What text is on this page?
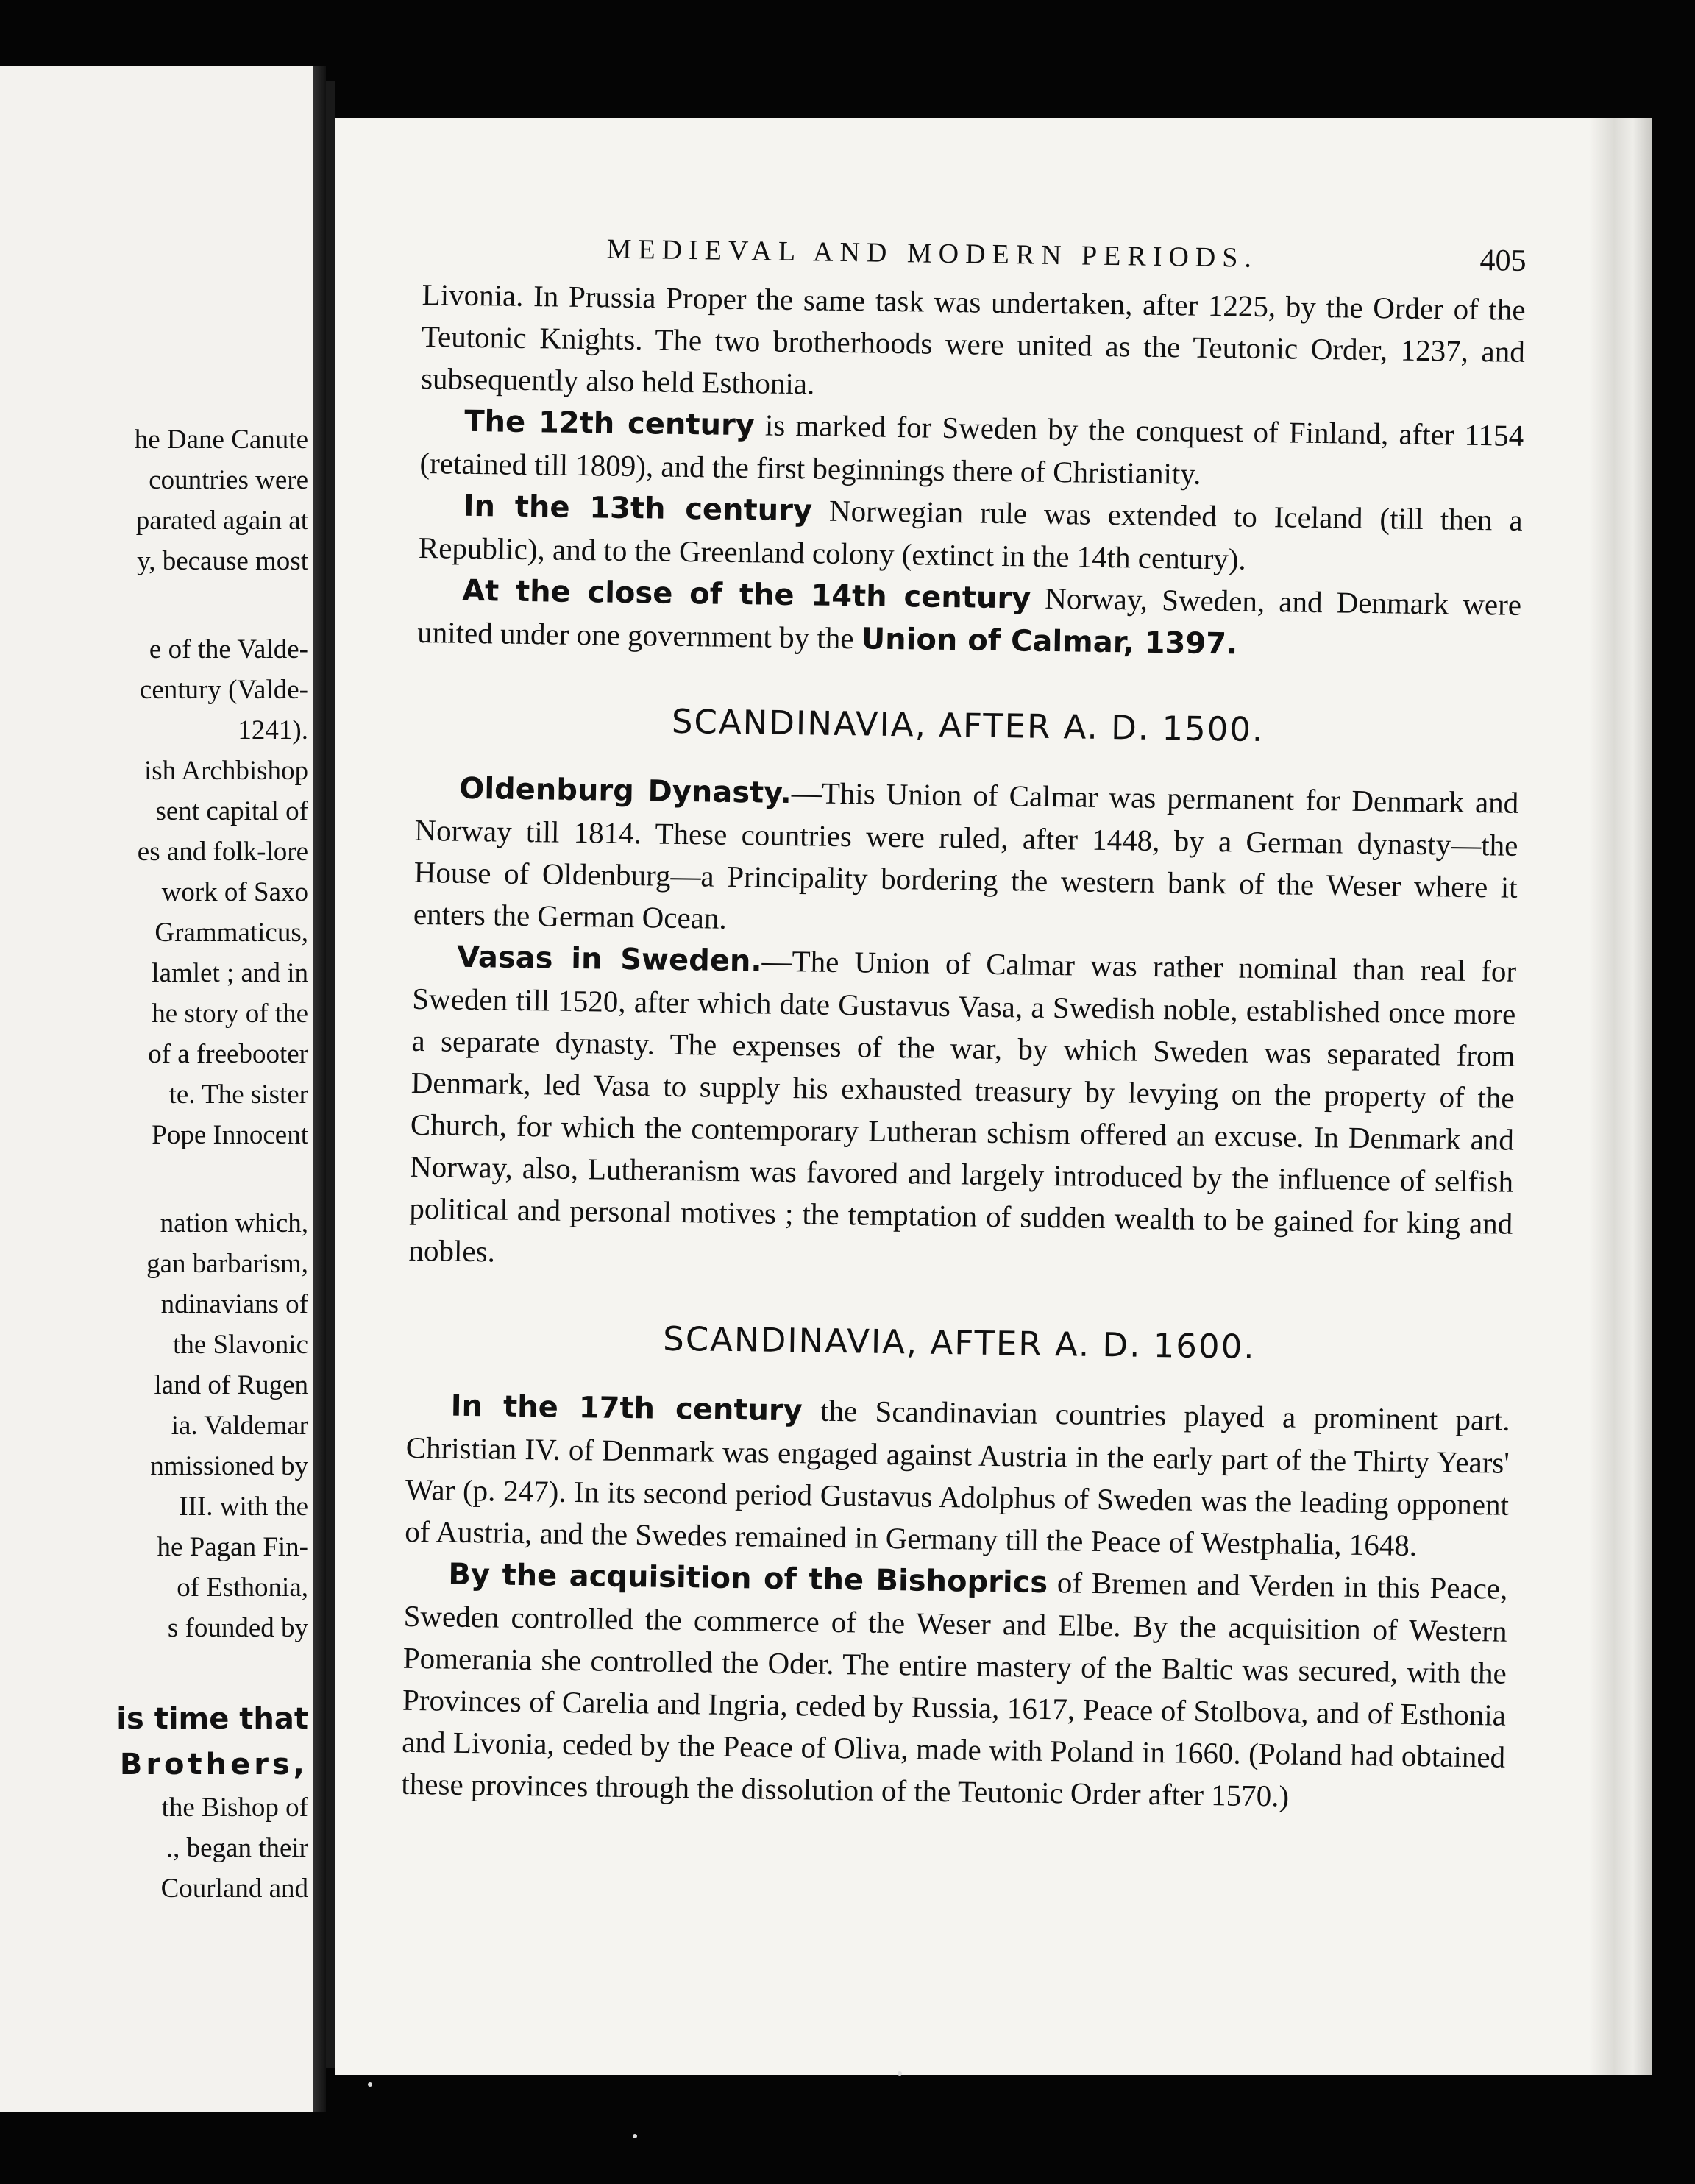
he Dane Canute
countries were
parated again at
y, because most
e of the Valde-
century (Valde-
1241).
ish Archbishop
sent capital of
es and folk-lore
work of Saxo
Grammaticus,
lamlet ; and in
he story of the
of a freebooter
te. The sister
Pope Innocent
nation which,
gan barbarism,
ndinavians of
the Slavonic
land of Rugen
ia. Valdemar
nmissioned by
III. with the
he Pagan Fin-
of Esthonia,
s founded by
is time that
Brothers,
the Bishop of
., began their
Courland and
MEDIEVAL AND MODERN PERIODS.	405

Livonia. In Prussia Proper the same task was undertaken, after 1225, by the Order of the Teutonic Knights. The two brotherhoods were united as the Teutonic Order, 1237, and subsequently also held Esthonia.

The 12th century is marked for Sweden by the conquest of Finland, after 1154 (retained till 1809), and the first beginnings there of Christianity.

In the 13th century Norwegian rule was extended to Iceland (till then a Republic), and to the Greenland colony (extinct in the 14th century).

At the close of the 14th century Norway, Sweden, and Denmark were united under one government by the Union of Calmar, 1397.

SCANDINAVIA, AFTER A. D. 1500.

Oldenburg Dynasty.—This Union of Calmar was permanent for Denmark and Norway till 1814. These countries were ruled, after 1448, by a German dynasty—the House of Oldenburg—a Principality bordering the western bank of the Weser where it enters the German Ocean.

Vasas in Sweden.—The Union of Calmar was rather nominal than real for Sweden till 1520, after which date Gustavus Vasa, a Swedish noble, established once more a separate dynasty. The expenses of the war, by which Sweden was separated from Denmark, led Vasa to supply his exhausted treasury by levying on the property of the Church, for which the contemporary Lutheran schism offered an excuse. In Denmark and Norway, also, Lutheranism was favored and largely introduced by the influence of selfish political and personal motives ; the temptation of sudden wealth to be gained for king and nobles.

SCANDINAVIA, AFTER A. D. 1600.

In the 17th century the Scandinavian countries played a prominent part. Christian IV. of Denmark was engaged against Austria in the early part of the Thirty Years' War (p. 247). In its second period Gustavus Adolphus of Sweden was the leading opponent of Austria, and the Swedes remained in Germany till the Peace of Westphalia, 1648.

By the acquisition of the Bishoprics of Bremen and Verden in this Peace, Sweden controlled the commerce of the Weser and Elbe. By the acquisition of Western Pomerania she controlled the Oder. The entire mastery of the Baltic was secured, with the Provinces of Carelia and Ingria, ceded by Russia, 1617, Peace of Stolbova, and of Esthonia and Livonia, ceded by the Peace of Oliva, made with Poland in 1660. (Poland had obtained these provinces through the dissolution of the Teutonic Order after 1570.)
